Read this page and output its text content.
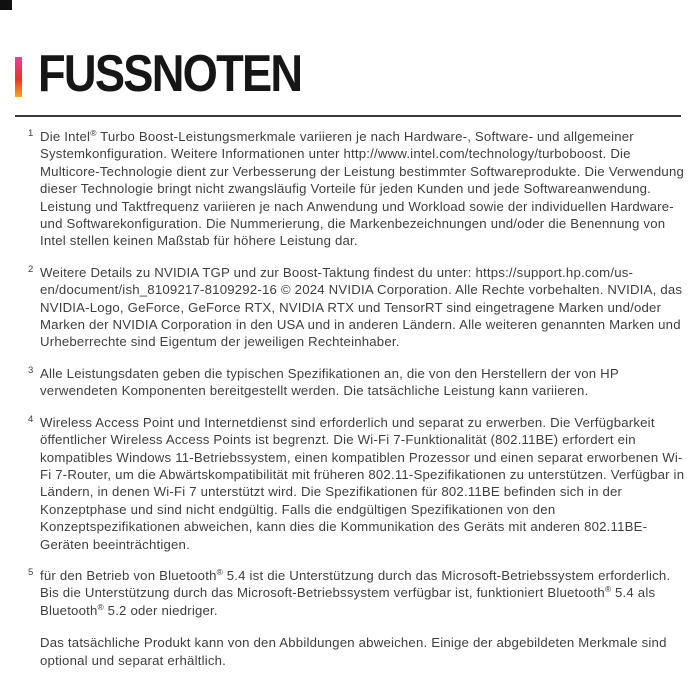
FUSSNOTEN
1 Die Intel® Turbo Boost-Leistungsmerkmale variieren je nach Hardware-, Software- und allgemeiner Systemkonfiguration. Weitere Informationen unter http://www.intel.com/technology/turboboost. Die Multicore-Technologie dient zur Verbesserung der Leistung bestimmter Softwareprodukte. Die Verwendung dieser Technologie bringt nicht zwangsläufig Vorteile für jeden Kunden und jede Softwareanwendung. Leistung und Taktfrequenz variieren je nach Anwendung und Workload sowie der individuellen Hardware- und Softwarekonfiguration. Die Nummerierung, die Markenbezeichnungen und/oder die Benennung von Intel stellen keinen Maßstab für höhere Leistung dar.
2 Weitere Details zu NVIDIA TGP und zur Boost-Taktung findest du unter: https://support.hp.com/us-en/document/ish_8109217-8109292-16 © 2024 NVIDIA Corporation. Alle Rechte vorbehalten. NVIDIA, das NVIDIA-Logo, GeForce, GeForce RTX, NVIDIA RTX und TensorRT sind eingetragene Marken und/oder Marken der NVIDIA Corporation in den USA und in anderen Ländern. Alle weiteren genannten Marken und Urheberrechte sind Eigentum der jeweiligen Rechteinhaber.
3 Alle Leistungsdaten geben die typischen Spezifikationen an, die von den Herstellern der von HP verwendeten Komponenten bereitgestellt werden. Die tatsächliche Leistung kann variieren.
4 Wireless Access Point und Internetdienst sind erforderlich und separat zu erwerben. Die Verfügbarkeit öffentlicher Wireless Access Points ist begrenzt. Die Wi-Fi 7-Funktionalität (802.11BE) erfordert ein kompatibles Windows 11-Betriebssystem, einen kompatiblen Prozessor und einen separat erworbenen Wi-Fi 7-Router, um die Abwärtskompatibilität mit früheren 802.11-Spezifikationen zu unterstützen. Verfügbar in Ländern, in denen Wi-Fi 7 unterstützt wird. Die Spezifikationen für 802.11BE befinden sich in der Konzeptphase und sind nicht endgültig. Falls die endgültigen Spezifikationen von den Konzeptspezifikationen abweichen, kann dies die Kommunikation des Geräts mit anderen 802.11BE-Geräten beeinträchtigen.
5 für den Betrieb von Bluetooth® 5.4 ist die Unterstützung durch das Microsoft-Betriebssystem erforderlich. Bis die Unterstützung durch das Microsoft-Betriebssystem verfügbar ist, funktioniert Bluetooth® 5.4 als Bluetooth® 5.2 oder niedriger.

Das tatsächliche Produkt kann von den Abbildungen abweichen. Einige der abgebildeten Merkmale sind optional und separat erhältlich.
